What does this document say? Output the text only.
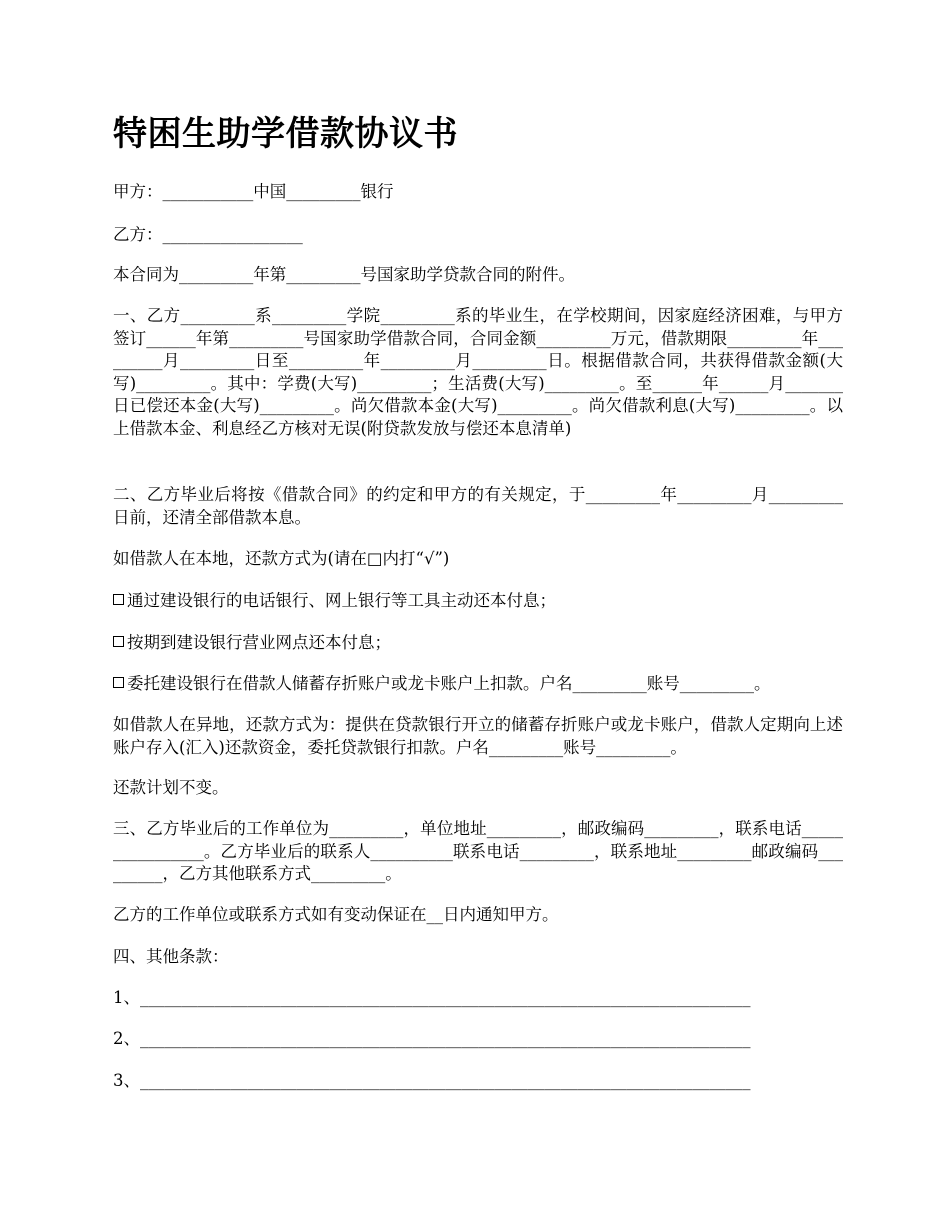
特困生助学借款协议书

甲方：___________中国_________银行

乙方：_________________

本合同为_________年第_________号国家助学贷款合同的附件。

一、乙方_________系_________学院_________系的毕业生，在学校期间，因家庭经济困难，与甲方签订______年第_________号国家助学借款合同，合同金额_________万元，借款期限_________年_________月_________日至_________年_________月_________日。根据借款合同，共获得借款金额(大写)_________。其中：学费(大写)_________；生活费(大写)_________。至______年______月_______日已偿还本金(大写)_________。尚欠借款本金(大写)_________。尚欠借款利息(大写)_________。以上借款本金、利息经乙方核对无误(附贷款发放与偿还本息清单)

二、乙方毕业后将按《借款合同》的约定和甲方的有关规定，于_________年_________月_________日前，还清全部借款本息。

如借款人在本地，还款方式为(请在□内打“√”)

通过建设银行的电话银行、网上银行等工具主动还本付息；

按期到建设银行营业网点还本付息；

委托建设银行在借款人储蓄存折账户或龙卡账户上扣款。户名_________账号_________。

如借款人在异地，还款方式为：提供在贷款银行开立的储蓄存折账户或龙卡账户，借款人定期向上述账户存入(汇入)还款资金，委托贷款银行扣款。户名_________账号_________。

还款计划不变。

三、乙方毕业后的工作单位为_________，单位地址_________，邮政编码_________，联系电话________________。乙方毕业后的联系人__________联系电话_________，联系地址_________邮政编码_________，乙方其他联系方式_________。

乙方的工作单位或联系方式如有变动保证在__日内通知甲方。

四、其他条款：

1、__________________________________________________________________________

2、__________________________________________________________________________

3、__________________________________________________________________________
